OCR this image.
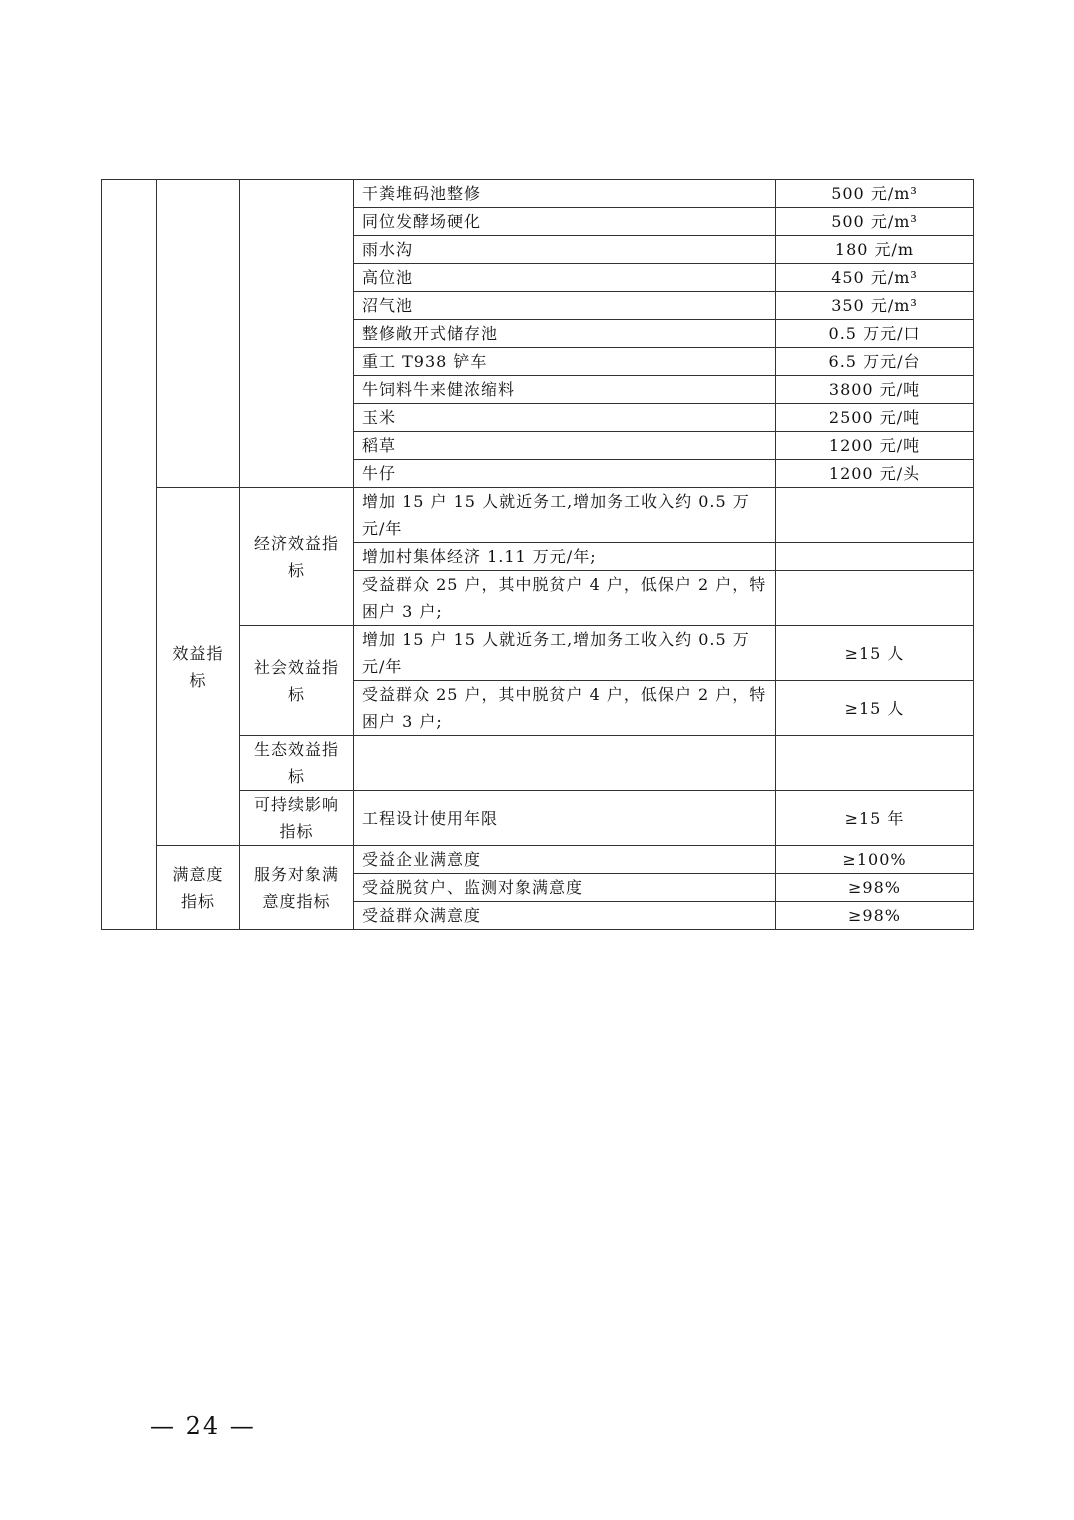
			干粪堆码池整修	500 元/m³
			同位发酵场硬化	500 元/m³
			雨水沟	180 元/m
			高位池	450 元/m³
			沼气池	350 元/m³
			整修敞开式储存池	0.5 万元/口
			重工 T938 铲车	6.5 万元/台
			牛饲料牛来健浓缩料	3800 元/吨
			玉米	2500 元/吨
			稻草	1200 元/吨
			牛仔	1200 元/头
	效益指标	经济效益指标	增加 15 户 15 人就近务工,增加务工收入约 0.5 万元/年	
			增加村集体经济 1.11 万元/年;	
			受益群众 25 户，其中脱贫户 4 户，低保户 2 户，特困户 3 户;	
		社会效益指标	增加 15 户 15 人就近务工,增加务工收入约 0.5 万元/年	≥15 人
			受益群众 25 户，其中脱贫户 4 户，低保户 2 户，特困户 3 户;	≥15 人
		生态效益指标		
		可持续影响指标	工程设计使用年限	≥15 年
	满意度指标	服务对象满意度指标	受益企业满意度	≥100%
			受益脱贫户、监测对象满意度	≥98%
			受益群众满意度	≥98%
— 24 —
